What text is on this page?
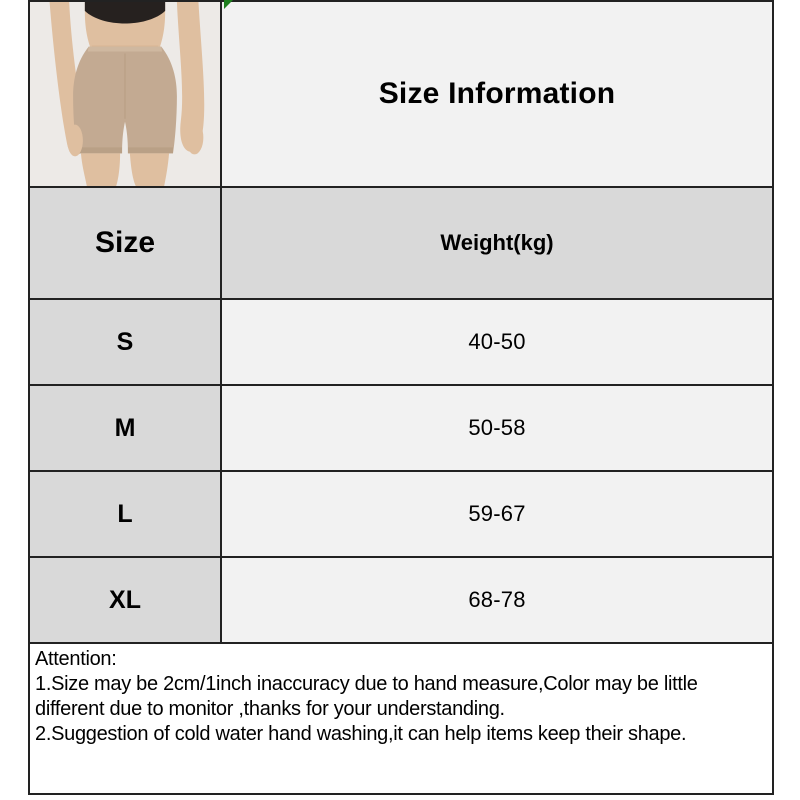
Size Information
Size	Weight(kg)
S	40-50
M	50-58
L	59-67
XL	68-78

Attention:

1.Size may be 2cm/1inch inaccuracy due to hand measure,Color may be little different due to monitor ,thanks for your understanding.

2.Suggestion of cold water hand washing,it can help items keep their shape.
